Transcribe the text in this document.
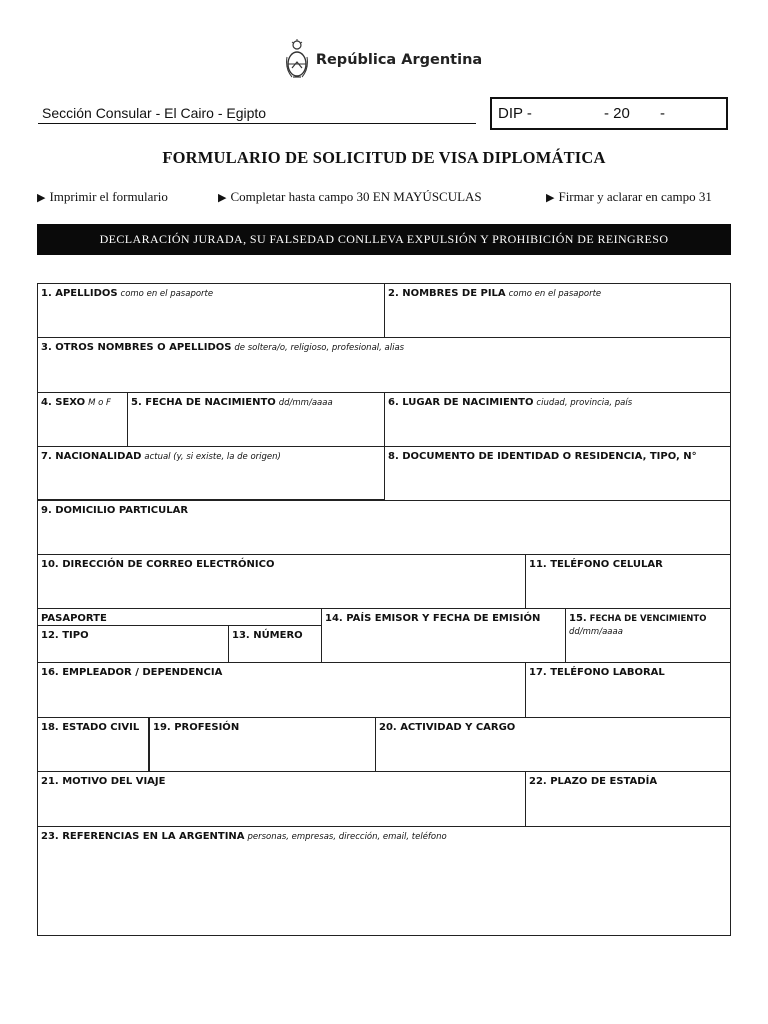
República Argentina
Sección Consular - El Cairo - Egipto	DIP -	- 20 -
FORMULARIO DE SOLICITUD DE VISA DIPLOMÁTICA
▶ Imprimir el formulario	▶ Completar hasta campo 30 EN MAYÚSCULAS	▶ Firmar y aclarar en campo 31
DECLARACIÓN JURADA, SU FALSEDAD CONLLEVA EXPULSIÓN Y PROHIBICIÓN DE REINGRESO
1. APELLIDOS como en el pasaporte	2. NOMBRES DE PILA como en el pasaporte
3. OTROS NOMBRES O APELLIDOS de soltera/o, religioso, profesional, alias
4. SEXO M o F	5. FECHA DE NACIMIENTO dd/mm/aaaa	6. LUGAR DE NACIMIENTO ciudad, provincia, país
7. NACIONALIDAD actual (y, si existe, la de origen)	8. DOCUMENTO DE IDENTIDAD O RESIDENCIA, TIPO, N°
9. DOMICILIO PARTICULAR
10. DIRECCIÓN DE CORREO ELECTRÓNICO	11. TELÉFONO CELULAR
PASAPORTE
12. TIPO	13. NÚMERO
14. PAÍS EMISOR Y FECHA DE EMISIÓN	15. FECHA DE VENCIMIENTO
dd/mm/aaaa
16. EMPLEADOR / DEPENDENCIA	17. TELÉFONO LABORAL
18. ESTADO CIVIL	19. PROFESIÓN	20. ACTIVIDAD Y CARGO
21. MOTIVO DEL VIAJE	22. PLAZO DE ESTADÍA
23. REFERENCIAS EN LA ARGENTINA personas, empresas, dirección, email, teléfono
